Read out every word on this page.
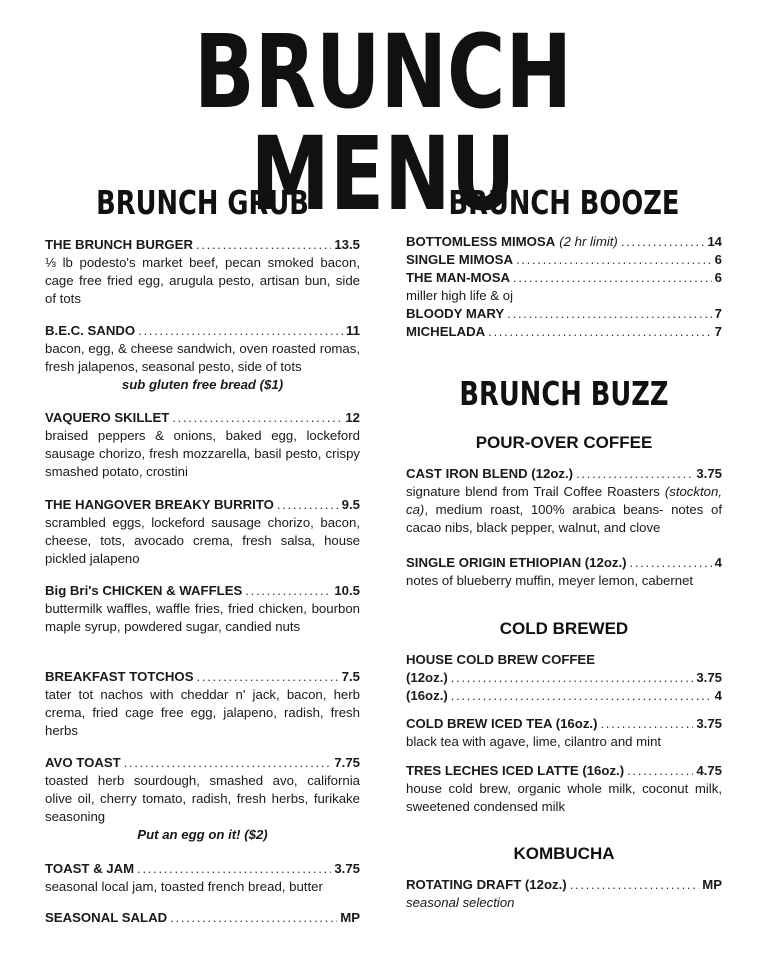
BRUNCH MENU
BRUNCH GRUB
THE BRUNCH BURGER . . .	13.5
⅓ lb podesto's market beef, pecan smoked bacon, cage free fried egg, arugula pesto, artisan bun, side of tots
B.E.C. SANDO . . .	11
bacon, egg, & cheese sandwich, oven roasted romas, fresh jalapenos, seasonal pesto, side of tots
sub gluten free bread ($1)
VAQUERO SKILLET . . .	12
braised peppers & onions, baked egg, lockeford sausage chorizo, fresh mozzarella, basil pesto, crispy smashed potato, crostini
THE HANGOVER BREAKY BURRITO . . .	9.5
scrambled eggs, lockeford sausage chorizo, bacon, cheese, tots, avocado crema, fresh salsa, house pickled jalapeno
Big Bri's CHICKEN & WAFFLES . . .	10.5
buttermilk waffles, waffle fries, fried chicken, bourbon maple syrup, powdered sugar, candied nuts
BREAKFAST TOTCHOS . . .	7.5
tater tot nachos with cheddar n' jack, bacon, herb crema, fried cage free egg, jalapeno, radish, fresh herbs
AVO TOAST . . .	7.75
toasted herb sourdough, smashed avo, california olive oil, cherry tomato, radish, fresh herbs, furikake seasoning
Put an egg on it! ($2)
TOAST & JAM . . .	3.75
seasonal local jam, toasted french bread, butter
SEASONAL SALAD . . .	MP
BRUNCH BOOZE
BOTTOMLESS MIMOSA (2 hr limit) . . .	14
SINGLE MIMOSA . . .	6
THE MAN-MOSA . . .	6
miller high life & oj
BLOODY MARY . . .	7
MICHELADA . . .	7
BRUNCH BUZZ
POUR-OVER COFFEE
CAST IRON BLEND (12oz.) . . .	3.75
signature blend from Trail Coffee Roasters (stockton, ca), medium roast, 100% arabica beans- notes of cacao nibs, black pepper, walnut, and clove
SINGLE ORIGIN ETHIOPIAN (12oz.) . . .	4
notes of blueberry muffin, meyer lemon, cabernet
COLD BREWED
HOUSE COLD BREW COFFEE
(12oz.) . . .	3.75
(16oz.) . . .	4
COLD BREW ICED TEA (16oz.) . . .	3.75
black tea with agave, lime, cilantro and mint
TRES LECHES ICED LATTE (16oz.) . . .	4.75
house cold brew, organic whole milk, coconut milk, sweetened condensed milk
KOMBUCHA
ROTATING DRAFT (12oz.) . . .	MP
seasonal selection
